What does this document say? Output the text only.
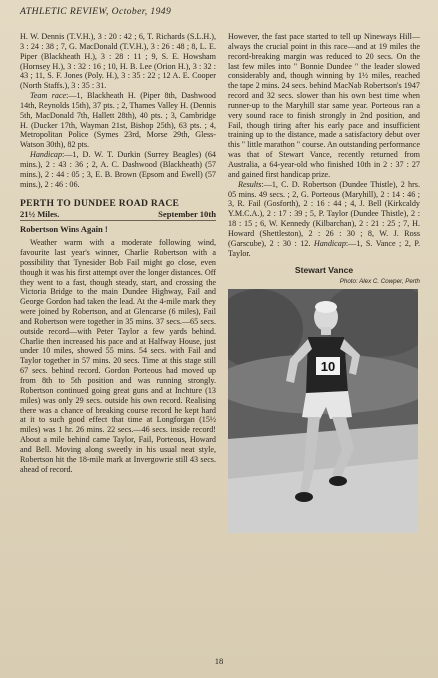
ATHLETIC REVIEW, October, 1949

H. W. Dennis (T.V.H.), 3 : 20 : 42 ; 6, T. Richards (S.L.H.), 3 : 24 : 38 ; 7, G. MacDonald (T.V.H.), 3 : 26 : 48 ; 8, L. E. Piper (Blackheath H.), 3 : 28 : 11 ; 9, S. E. Howsham (Hornsey H.), 3 : 32 : 16 ; 10, H. B. Lee (Orion H.), 3 : 32 : 43 ; 11, S. F. Jones (Poly. H.), 3 : 35 : 22 ; 12 A. E. Cooper (North Staffs.), 3 : 35 : 31.

Team race:—1, Blackheath H. (Piper 8th, Dashwood 14th, Reynolds 15th), 37 pts. ; 2, Thames Valley H. (Dennis 5th, MacDonald 7th, Hallett 28th), 40 pts. ; 3, Cambridge H. (Ducker 17th, Wayman 21st, Bishop 25th), 63 pts. ; 4, Metropolitan Police (Symes 23rd, Morse 29th, Gless-Watson 30th), 82 pts.

Handicap:—1, D. W. T. Durkin (Surrey Beagles) (64 mins.), 2 : 43 : 36 ; 2, A. C. Dashwood (Blackheath) (57 mins.), 2 : 44 : 05 ; 3, E. B. Brown (Epsom and Ewell) (57 mins.), 2 : 46 : 06.

PERTH TO DUNDEE ROAD RACE
21½ Miles.	September 10th
Robertson Wins Again !

Weather warm with a moderate following wind, favourite last year's winner, Charlie Robertson with a possibility that Tynesider Bob Fail might go close, even though it was his first attempt over the longer distances. Off they went to a fast, though steady, start, and crossing the Victoria Bridge to the main Dundee Highway, Fail and George Gordon had taken the lead. At the 4-mile mark they were joined by Robertson, and at Glencarse (6 miles), Fail and Robertson were together in 35 mins. 37 secs.—65 secs. outside record—with Peter Taylor a few yards behind. Charlie then increased his pace and at Halfway House, just under 10 miles, showed 55 mins. 54 secs. with Fail and Taylor together in 57 mins. 20 secs. Time at this stage still 67 secs. behind record. Gordon Porteous had moved up from 8th to 5th position and was running strongly. Robertson continued going great guns and at Inchture (13 miles) was only 29 secs. outside his own record. Realising there was a chance of breaking course record he kept hard at it to such good effect that time at Longforgan (15½ miles) was 1 hr. 26 mins. 22 secs.—46 secs. inside record! About a mile behind came Taylor, Fail, Porteous, Howard and Bell. Moving along sweetly in his usual neat style, Robertson hit the 18-mile mark at Invergowrie still 43 secs. ahead of record.

However, the fast pace started to tell up Nineways Hill—always the crucial point in this race—and at 19 miles the record-breaking margin was reduced to 20 secs. On the last few miles into " Bonnie Dundee " the leader slowed considerably and, though winning by 1½ miles, reached the tape 2 mins. 24 secs. behind MacNab Robertson's 1947 record and 32 secs. slower than his own best time when runner-up to the Maryhill star same year. Porteous ran a very sound race to finish strongly in 2nd position, and Fail, though tiring after his early pace and insufficient training up to the distance, made a satisfactory debut over this " little marathon " course. An outstanding performance was that of Stewart Vance, recently returned from Australia, a 64-year-old who finished 10th in 2 : 37 : 27 and gained first handicap prize.

Results:—1, C. D. Robertson (Dundee Thistle), 2 hrs. 05 mins. 49 secs. ; 2, G. Porteous (Maryhill), 2 : 14 : 46 ; 3, R. Fail (Gosforth), 2 : 16 : 44 ; 4, J. Bell (Kirkcaldy Y.M.C.A.), 2 : 17 : 39 ; 5, P. Taylor (Dundee Thistle), 2 : 18 : 15 ; 6, W. Kennedy (Kilbarchan), 2 : 21 : 25 ; 7, H. Howard (Shettleston), 2 : 26 : 30 ; 8, W. J. Ross (Garscube), 2 : 30 : 12. Handicap:—1, S. Vance ; 2, P. Taylor.

Stewart Vance
Photo: Alex C. Cowper, Perth
10
18
